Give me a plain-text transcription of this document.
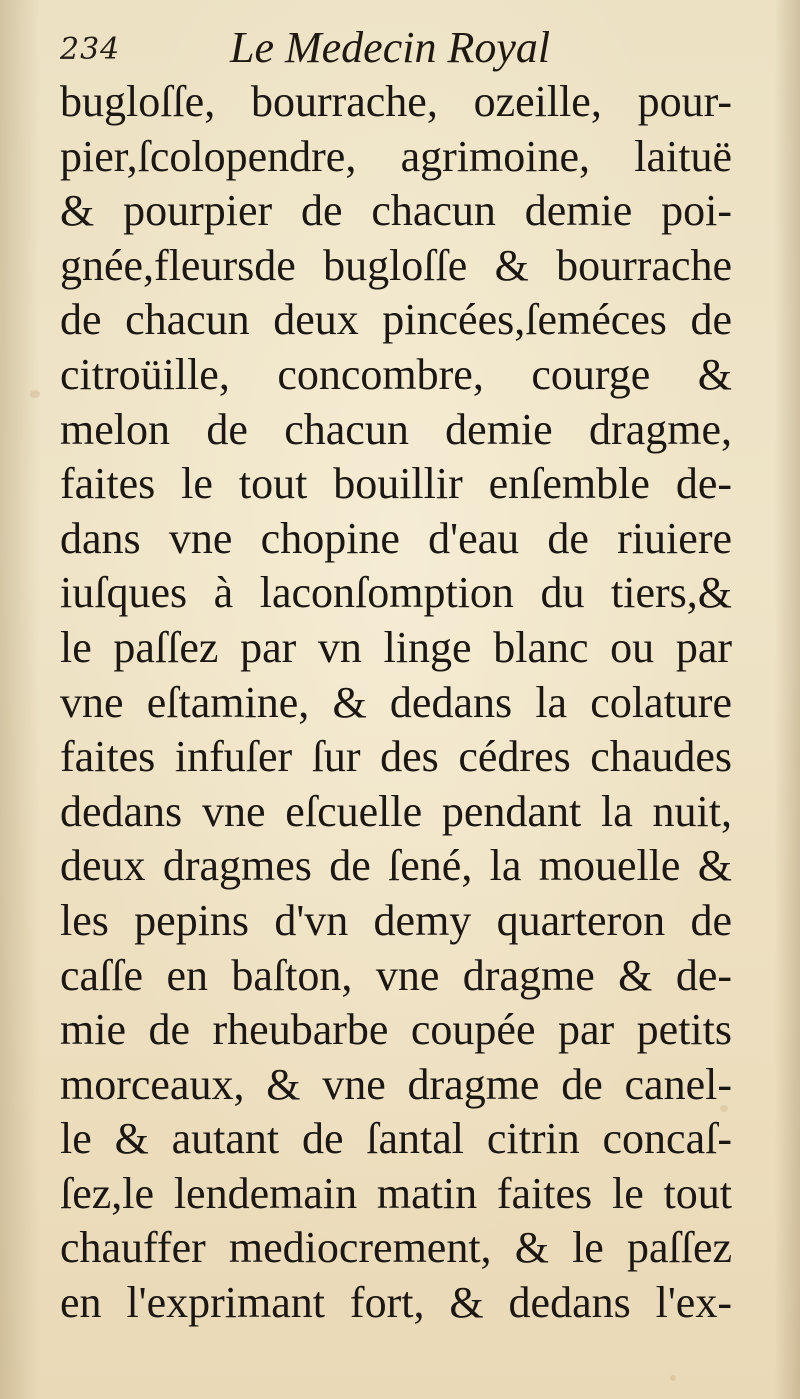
234 Le Medecin Royal
bugloſſe, bourrache, ozeille, pour-
pier,ſcolopendre, agrimoine, laituë
& pourpier de chacun demie poi-
gnée,fleursde bugloſſe & bourrache
de chacun deux pincées,ſeméces de
citroüille, concombre, courge &
melon de chacun demie dragme,
faites le tout bouillir enſemble de-
dans vne chopine d'eau de riuiere
iuſques à laconſomption du tiers,&
le paſſez par vn linge blanc ou par
vne eſtamine, & dedans la colature
faites infuſer ſur des cédres chaudes
dedans vne eſcuelle pendant la nuit,
deux dragmes de ſené, la mouelle &
les pepins d'vn demy quarteron de
caſſe en baſton, vne dragme & de-
mie de rheubarbe coupée par petits
morceaux, & vne dragme de canel-
le & autant de ſantal citrin concaſ-
ſez,le lendemain matin faites le tout
chauffer mediocrement, & le paſſez
en l'exprimant fort, & dedans l'ex-
